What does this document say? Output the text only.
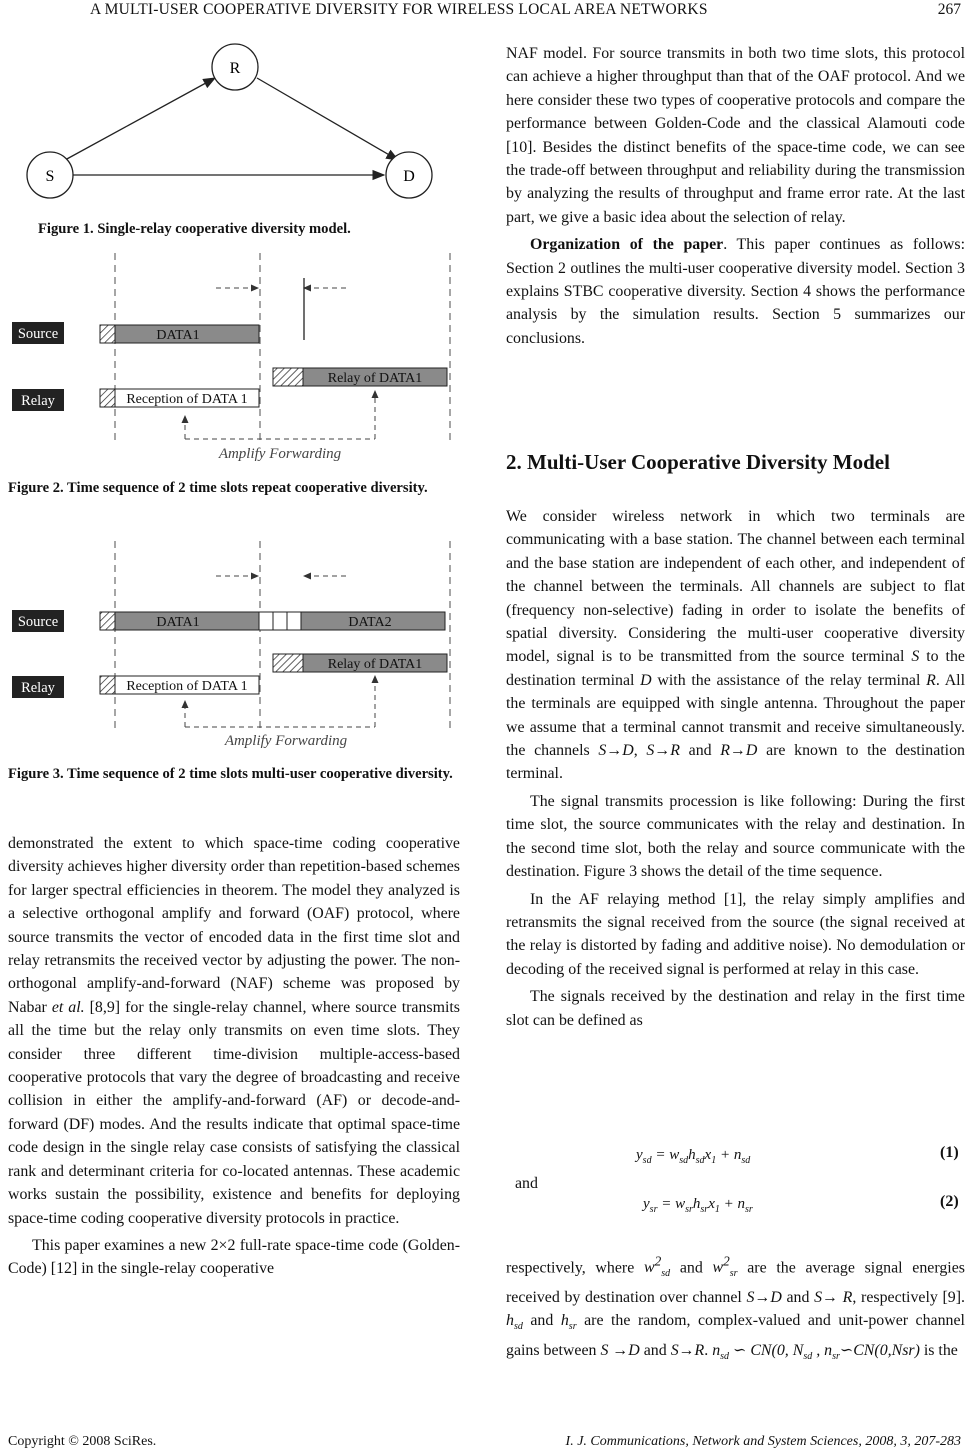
A MULTI-USER COOPERATIVE DIVERSITY FOR WIRELESS LOCAL AREA NETWORKS	267
R
S	D
Figure 1. Single-relay cooperative diversity model.
Source
Relay
DATA1
Relay of DATA1
Reception of DATA 1
Amplify Forwarding
Figure 2. Time sequence of 2 time slots repeat cooperative diversity.
Source
Relay
DATA1	DATA2
Relay of DATA1
Reception of DATA 1
Amplify Forwarding
Figure 3. Time sequence of 2 time slots multi-user cooperative diversity.

demonstrated the extent to which space-time coding cooperative diversity achieves higher diversity order than repetition-based schemes for larger spectral efficiencies in theorem. The model they analyzed is a selective orthogonal amplify and forward (OAF) protocol, where source transmits the vector of encoded data in the first time slot and relay retransmits the received vector by adjusting the power. The non-orthogonal amplify-and-forward (NAF) scheme was proposed by Nabar et al. [8,9] for the single-relay channel, where source transmits all the time but the relay only transmits on even time slots. They consider three different time-division multiple-access-based cooperative protocols that vary the degree of broadcasting and receive collision in either the amplify-and-forward (AF) or decode-and-forward (DF) modes. And the results indicate that optimal space-time code design in the single relay case consists of satisfying the classical rank and determinant criteria for co-located antennas. These academic works sustain the possibility, existence and benefits for deploying space-time coding cooperative diversity protocols in practice.

This paper examines a new 2×2 full-rate space-time code (Golden-Code) [12] in the single-relay cooperative

NAF model. For source transmits in both two time slots, this protocol can achieve a higher throughput than that of the OAF protocol. And we here consider these two types of cooperative protocols and compare the performance between Golden-Code and the classical Alamouti code [10]. Besides the distinct benefits of the space-time code, we can see the trade-off between throughput and reliability during the transmission by analyzing the results of throughput and frame error rate. At the last part, we give a basic idea about the selection of relay.

Organization of the paper. This paper continues as follows: Section 2 outlines the multi-user cooperative diversity model. Section 3 explains STBC cooperative diversity. Section 4 shows the performance analysis by the simulation results. Section 5 summarizes our conclusions.

2. Multi-User Cooperative Diversity Model

We consider wireless network in which two terminals are communicating with a base station. The channel between each terminal and the base station are independent of each other, and independent of the channel between the terminals. All channels are subject to flat (frequency non-selective) fading in order to isolate the benefits of spatial diversity. Considering the multi-user cooperative diversity model, signal is to be transmitted from the source terminal S to the destination terminal D with the assistance of the relay terminal R. All the terminals are equipped with single antenna. Throughout the paper we assume that a terminal cannot transmit and receive simultaneously. the channels S→D, S→R and R→D are known to the destination terminal.

The signal transmits procession is like following: During the first time slot, the source communicates with the relay and destination. In the second time slot, both the relay and source communicate with the destination. Figure 3 shows the detail of the time sequence.

In the AF relaying method [1], the relay simply amplifies and retransmits the signal received from the source (the signal received at the relay is distorted by fading and additive noise). No demodulation or decoding of the received signal is performed at relay in this case.

The signals received by the destination and relay in the first time slot can be defined as

$y_{sd} = w_{sd}h_{sd}x_1 + n_{sd}$	(1)
and
$y_{sr} = w_{sr}h_{sr}x_1 + n_{sr}$	(2)

respectively, where $w^2_{sd}$ and $w^2_{sr}$ are the average signal energies received by destination over channel S→D and S→ R, respectively [9]. $h_{sd}$ and $h_{sr}$ are the random, complex-valued and unit-power channel gains between S →D and S→R. $n_{sd}$ ∽ CN(0, $N_{sd}$ , $n_{sr}∽CN(0,Nsr)$ is the

Copyright © 2008 SciRes.	I. J. Communications, Network and System Sciences, 2008, 3, 207-283
